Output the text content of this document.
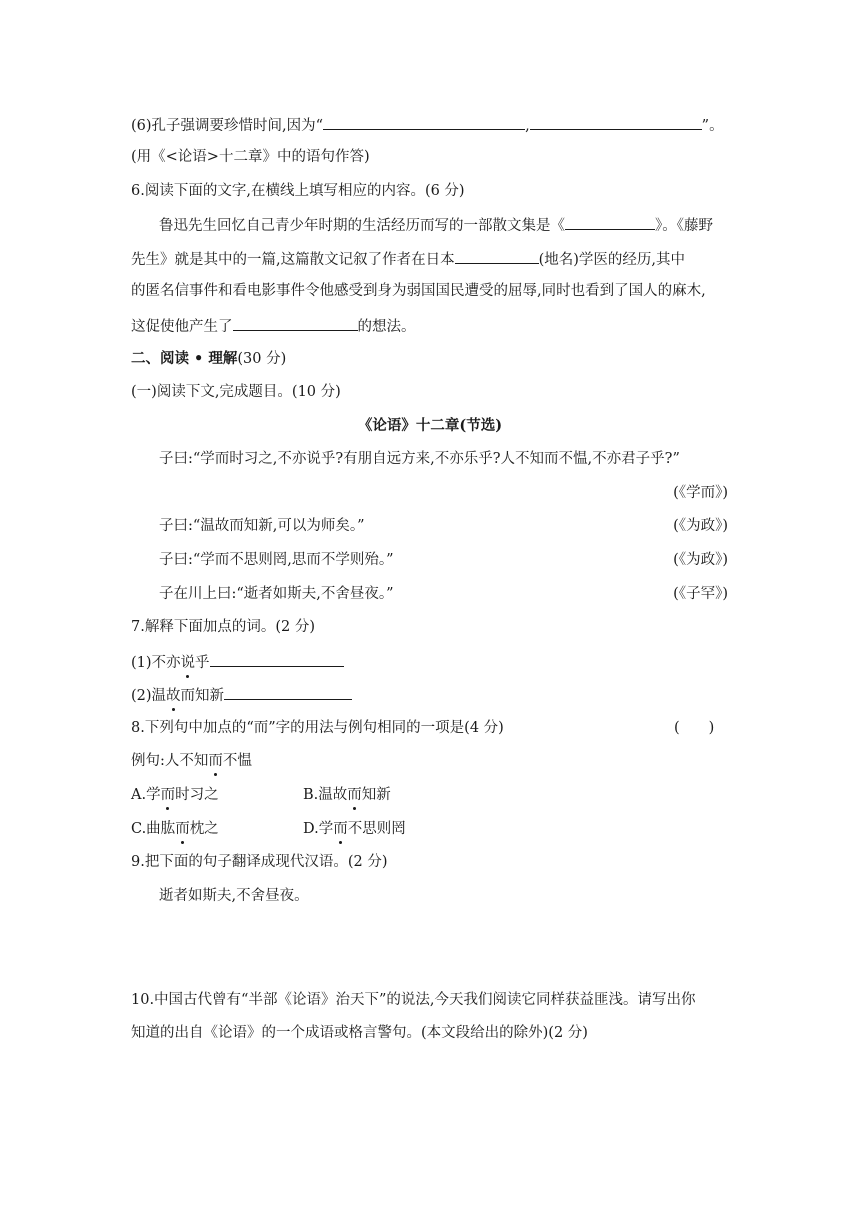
(6)孔子强调要珍惜时间,因为“	,	”。
(用《<论语>十二章》中的语句作答)
6.阅读下面的文字,在横线上填写相应的内容。(6 分)
鲁迅先生回忆自己青少年时期的生活经历而写的一部散文集是《	》。《藤野
先生》就是其中的一篇,这篇散文记叙了作者在日本	(地名)学医的经历,其中
的匿名信事件和看电影事件令他感受到身为弱国国民遭受的屈辱,同时也看到了国人的麻木,
这促使他产生了	的想法。
二、阅读 • 理解(30 分)
(一)阅读下文,完成题目。(10 分)
《论语》十二章(节选)
子曰:“学而时习之,不亦说乎?有朋自远方来,不亦乐乎?人不知而不愠,不亦君子乎?”
(《学而》)
子曰:“温故而知新,可以为师矣。”	(《为政》)
子曰:“学而不思则罔,思而不学则殆。”	(《为政》)
子在川上曰:“逝者如斯夫,不舍昼夜。”	(《子罕》)
7.解释下面加点的词。(2 分)
(1)不亦说乎
(2)温故而知新
8.下列句中加点的“而”字的用法与例句相同的一项是(4 分)	(　　)
例句:人不知而不愠
A.学而时习之	B.温故而知新
C.曲肱而枕之	D.学而不思则罔
9.把下面的句子翻译成现代汉语。(2 分)
逝者如斯夫,不舍昼夜。
10.中国古代曾有“半部《论语》治天下”的说法,今天我们阅读它同样获益匪浅。请写出你
知道的出自《论语》的一个成语或格言警句。(本文段给出的除外)(2 分)
